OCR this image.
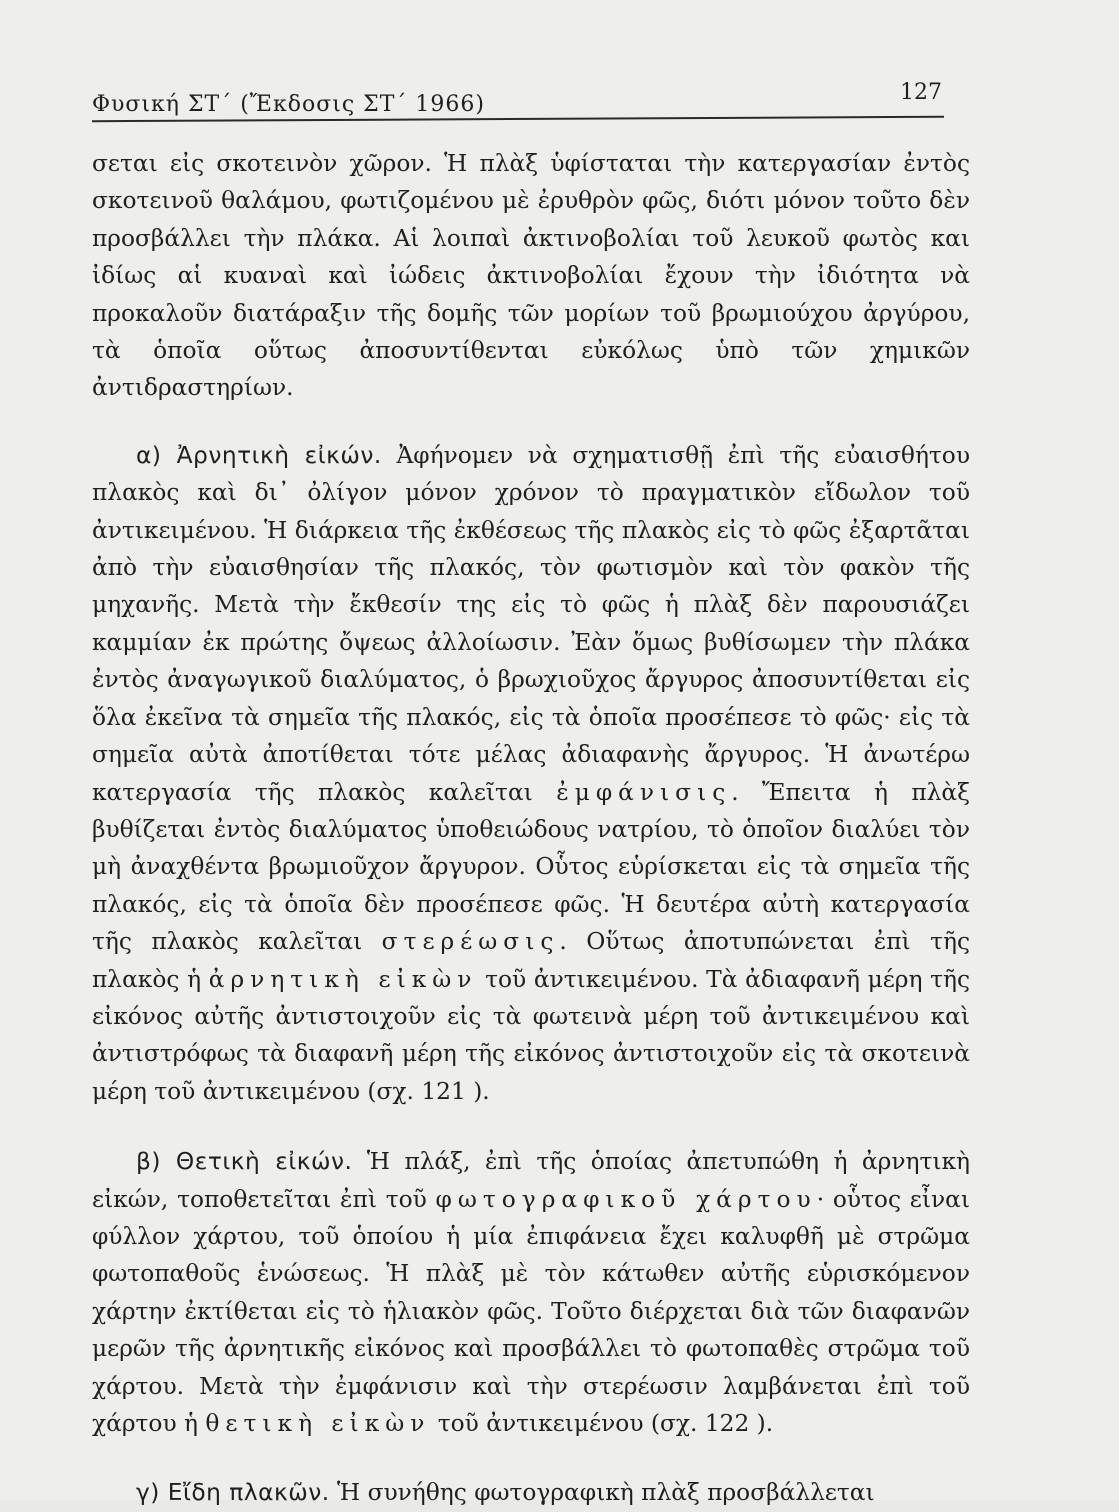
Φυσική ΣΤ΄ (Ἔκδοσις ΣΤ΄ 1966)	127

σεται εἰς σκοτεινὸν χῶρον. Ἡ πλὰξ ὑφίσταται τὴν κατεργασίαν ἐντὸς σκοτεινοῦ θαλάμου, φωτιζομένου μὲ ἐρυθρὸν φῶς, διότι μόνον τοῦτο δὲν προσβάλλει τὴν πλάκα. Αἱ λοιπαὶ ἀκτινοβολίαι τοῦ λευκοῦ φωτὸς και ἰδίως αἱ κυαναὶ καὶ ἰώδεις ἀκτινοβολίαι ἔχουν τὴν ἰδιότητα νὰ προκαλοῦν διατάραξιν τῆς δομῆς τῶν μορίων τοῦ βρωμιούχου ἀργύρου, τὰ ὁποῖα οὕτως ἀποσυντίθενται εὐκόλως ὑπὸ τῶν χημικῶν ἀντιδραστηρίων.

α) Ἀρνητικὴ εἰκών. Ἀφήνομεν νὰ σχηματισθῇ ἐπὶ τῆς εὐαισθήτου πλακὸς καὶ δι᾽ ὀλίγον μόνον χρόνον τὸ πραγματικὸν εἴδωλον τοῦ ἀντικειμένου. Ἡ διάρκεια τῆς ἐκθέσεως τῆς πλακὸς εἰς τὸ φῶς ἐξαρτᾶται ἀπὸ τὴν εὐαισθησίαν τῆς πλακός, τὸν φωτισμὸν καὶ τὸν φακὸν τῆς μηχανῆς. Μετὰ τὴν ἔκθεσίν της εἰς τὸ φῶς ἡ πλὰξ δὲν παρουσιάζει καμμίαν ἐκ πρώτης ὄψεως ἀλλοίωσιν. Ἐὰν ὅμως βυθίσωμεν τὴν πλάκα ἐντὸς ἀναγωγικοῦ διαλύματος, ὁ βρωχιοῦχος ἄργυρος ἀποσυντίθεται εἰς ὅλα ἐκεῖνα τὰ σημεῖα τῆς πλακός, εἰς τὰ ὁποῖα προσέπεσε τὸ φῶς· εἰς τὰ σημεῖα αὐτὰ ἀποτίθεται τότε μέλας ἀδιαφανὴς ἄργυρος. Ἡ ἀνωτέρω κατεργασία τῆς πλακὸς καλεῖται ἐμφάνισις. Ἔπειτα ἡ πλὰξ βυθίζεται ἐντὸς διαλύματος ὑποθειώδους νατρίου, τὸ ὁποῖον διαλύει τὸν μὴ ἀναχθέντα βρωμιοῦχον ἄργυρον. Οὗτος εὑρίσκεται εἰς τὰ σημεῖα τῆς πλακός, εἰς τὰ ὁποῖα δὲν προσέπεσε φῶς. Ἡ δευτέρα αὐτὴ κατεργασία τῆς πλακὸς καλεῖται στερέωσις. Οὕτως ἀποτυπώνεται ἐπὶ τῆς πλακὸς ἡ ἀρνητικὴ εἰκὼν τοῦ ἀντικειμένου. Τὰ ἀδιαφανῆ μέρη τῆς εἰκόνος αὐτῆς ἀντιστοιχοῦν εἰς τὰ φωτεινὰ μέρη τοῦ ἀντικειμένου καὶ ἀντιστρόφως τὰ διαφανῆ μέρη τῆς εἰκόνος ἀντιστοιχοῦν εἰς τὰ σκοτεινὰ μέρη τοῦ ἀντικειμένου (σχ. 121 ).

β) Θετικὴ εἰκών. Ἡ πλάξ, ἐπὶ τῆς ὁποίας ἀπετυπώθη ἡ ἀρνητικὴ εἰκών, τοποθετεῖται ἐπὶ τοῦ φωτογραφικοῦ χάρτου· οὗτος εἶναι φύλλον χάρτου, τοῦ ὁποίου ἡ μία ἐπιφάνεια ἔχει καλυφθῆ μὲ στρῶμα φωτοπαθοῦς ἑνώσεως. Ἡ πλὰξ μὲ τὸν κάτωθεν αὐτῆς εὑρισκόμενον χάρτην ἐκτίθεται εἰς τὸ ἡλιακὸν φῶς. Τοῦτο διέρχεται διὰ τῶν διαφανῶν μερῶν τῆς ἀρνητικῆς εἰκόνος καὶ προσβάλλει τὸ φωτοπαθὲς στρῶμα τοῦ χάρτου. Μετὰ τὴν ἐμφάνισιν καὶ τὴν στερέωσιν λαμβάνεται ἐπὶ τοῦ χάρτου ἡ θετικὴ εἰκὼν τοῦ ἀντικειμένου (σχ. 122 ).

γ) Εἴδη πλακῶν. Ἡ συνήθης φωτογραφικὴ πλὰξ προσβάλλεται
